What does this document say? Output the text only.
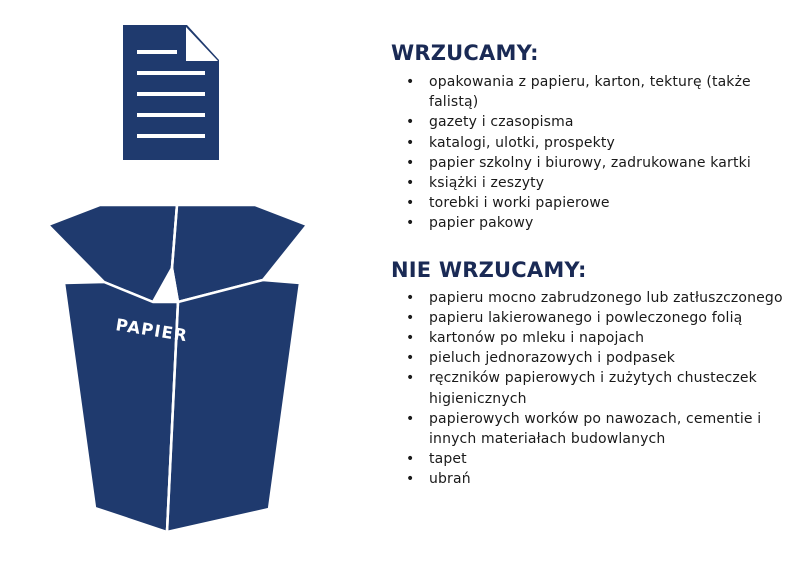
PAPIER
WRZUCAMY:
• opakowania z papieru, karton, tekturę (także falistą)
• gazety i czasopisma
• katalogi, ulotki, prospekty
• papier szkolny i biurowy, zadrukowane kartki
• książki i zeszyty
• torebki i worki papierowe
• papier pakowy
NIE WRZUCAMY:
• papieru mocno zabrudzonego lub zatłuszczonego
• papieru lakierowanego i powleczonego folią
• kartonów po mleku i napojach
• pieluch jednorazowych i podpasek
• ręczników papierowych i zużytych chusteczek higienicznych
• papierowych worków po nawozach, cementie i innych materiałach budowlanych
• tapet
• ubrań
